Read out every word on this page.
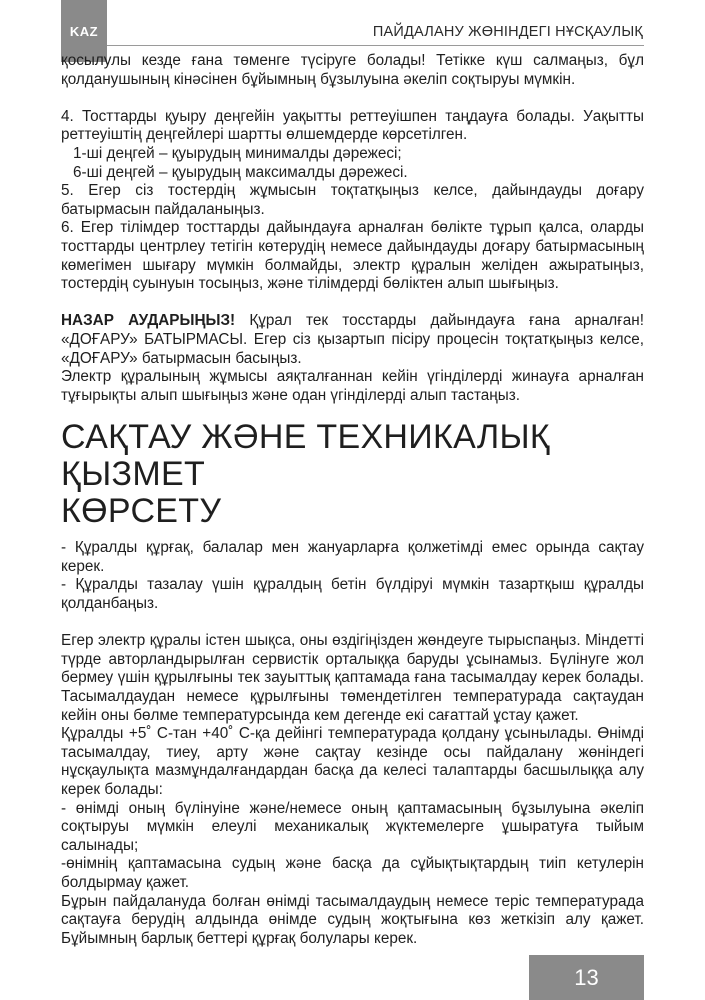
KAZ	ПАЙДАЛАНУ ЖӨНІНДЕГІ НҰСҚАУЛЫҚ

қосылулы кезде ғана төменге түсіруге болады! Тетікке күш салмаңыз, бұл қолданушының кінәсінен бұйымның бұзылуына әкеліп соқтыруы мүмкін.

4. Тосттарды қуыру деңгейін уақытты реттеуішпен таңдауға болады. Уақытты реттеуіштің деңгейлері шартты өлшемдерде көрсетілген.

1-ші деңгей – қуырудың минималды дәрежесі;

6-ші деңгей – қуырудың максималды дәрежесі.

5. Егер сіз тостердің жұмысын тоқтатқыңыз келсе, дайындауды доғару батырмасын пайдаланыңыз.

6. Егер тілімдер тосттарды дайындауға арналған бөлікте тұрып қалса, оларды тосттарды центрлеу тетігін көтерудің немесе дайындауды доғару батырмасының көмегімен шығару мүмкін болмайды, электр құралын желіден ажыратыңыз, тостердің суынуын тосыңыз, және тілімдерді бөліктен алып шығыңыз.

НАЗАР АУДАРЫҢЫЗ! Құрал тек тосстарды дайындауға ғана арналған! «ДОҒАРУ» БАТЫРМАСЫ. Егер сіз қызартып пісіру процесін тоқтатқыңыз келсе, «ДОҒАРУ» батырмасын басыңыз.

Электр құралының жұмысы аяқталғаннан кейін үгінділерді жинауға арналған тұғырықты алып шығыңыз және одан үгінділерді алып тастаңыз.

САҚТАУ ЖӘНЕ ТЕХНИКАЛЫҚ ҚЫЗМЕТ
КӨРСЕТУ

- Құралды құрғақ, балалар мен жануарларға қолжетімді емес орында сақтау керек.

- Құралды тазалау үшін құралдың бетін бүлдіруі мүмкін тазартқыш құралды қолданбаңыз.

Егер электр құралы істен шықса, оны өздігіңізден жөндеуге тырыспаңыз. Міндетті түрде авторландырылған сервистік орталыққа баруды ұсынамыз. Бүлінуге жол бермеу үшін құрылғыны тек зауыттық қаптамада ғана тасымалдау керек болады. Тасымалдаудан немесе құрылғыны төмендетілген температурада сақтаудан кейін оны бөлме температурсында кем дегенде екі сағаттай ұстау қажет.

Құралды +5˚ С-тан +40˚ С-қа дейінгі температурада қолдану ұсынылады. Өнімді тасымалдау, тиеу, арту және сақтау кезінде осы пайдалану жөніндегі нұсқаулықта мазмұндалғандардан басқа да келесі талаптарды басшылыққа алу керек болады:

- өнімді оның бүлінуіне және/немесе оның қаптамасының бұзылуына әкеліп соқтыруы мүмкін елеулі механикалық жүктемелерге ұшыратуға тыйым салынады;

-өнімнің қаптамасына судың және басқа да сұйықтықтардың тиіп кетулерін болдырмау қажет.

Бұрын пайдалануда болған өнімді тасымалдаудың немесе теріс температурада сақтауға берудің алдында өнімде судың жоқтығына көз жеткізіп алу қажет. Бұйымның барлық беттері құрғақ болулары керек.

13
